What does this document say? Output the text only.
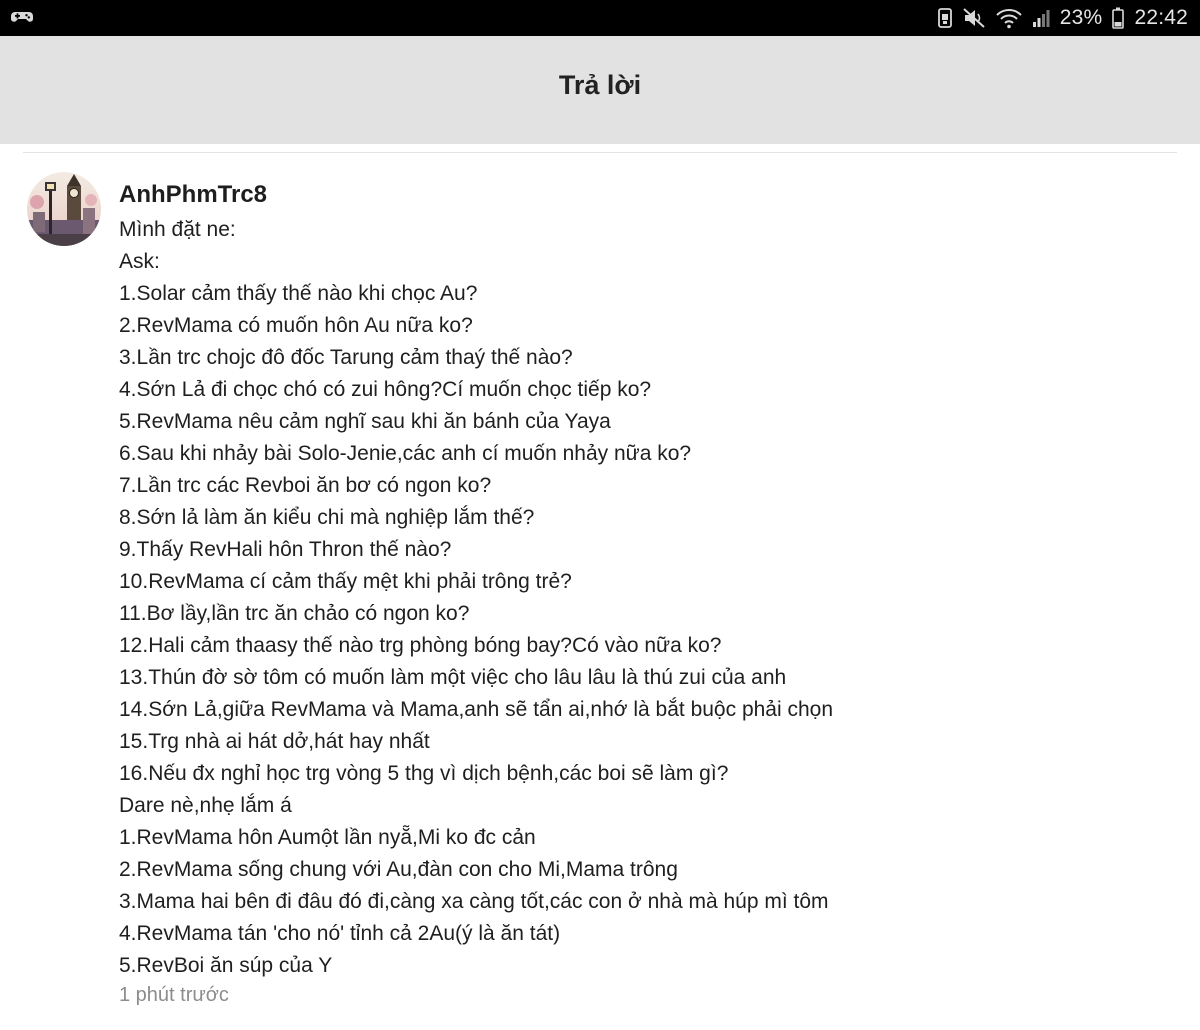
23% 22:42
Trả lời
AnhPhmTrc8
Mình đặt ne:
Ask:
1.Solar cảm thấy thế nào khi chọc Au?
2.RevMama có muốn hôn Au nữa ko?
3.Lần trc chojc đô đốc Tarung cảm thaý thế nào?
4.Sớn Lả đi chọc chó có zui hông?Cí muốn chọc tiếp ko?
5.RevMama nêu cảm nghĩ sau khi ăn bánh của Yaya
6.Sau khi nhảy bài Solo-Jenie,các anh cí muốn nhảy nữa ko?
7.Lần trc các Revboi ăn bơ có ngon ko?
8.Sớn lả làm ăn kiểu chi mà nghiệp lắm thế?
9.Thấy RevHali hôn Thron thế nào?
10.RevMama cí cảm thấy mệt khi phải trông trẻ?
11.Bơ lầy,lần trc ăn chảo có ngon ko?
12.Hali cảm thaasy thế nào trg phòng bóng bay?Có vào nữa ko?
13.Thún đờ sờ tôm có muốn làm một việc cho lâu lâu là thú zui của anh
14.Sớn Lả,giữa RevMama và Mama,anh sẽ tẩn ai,nhớ là bắt buộc phải chọn
15.Trg nhà ai hát dở,hát hay nhất
16.Nếu đx nghỉ học trg vòng 5 thg vì dịch bệnh,các boi sẽ làm gì?
Dare nè,nhẹ lắm á
1.RevMama hôn Aumột lần nyẵ,Mi ko đc cản
2.RevMama sống chung với Au,đàn con cho Mi,Mama trông
3.Mama hai bên đi đâu đó đi,càng xa càng tốt,các con ở nhà mà húp mì tôm
4.RevMama tán 'cho nó' tỉnh cả 2Au(ý là ăn tát)
5.RevBoi ăn súp của Y
1 phút trước
